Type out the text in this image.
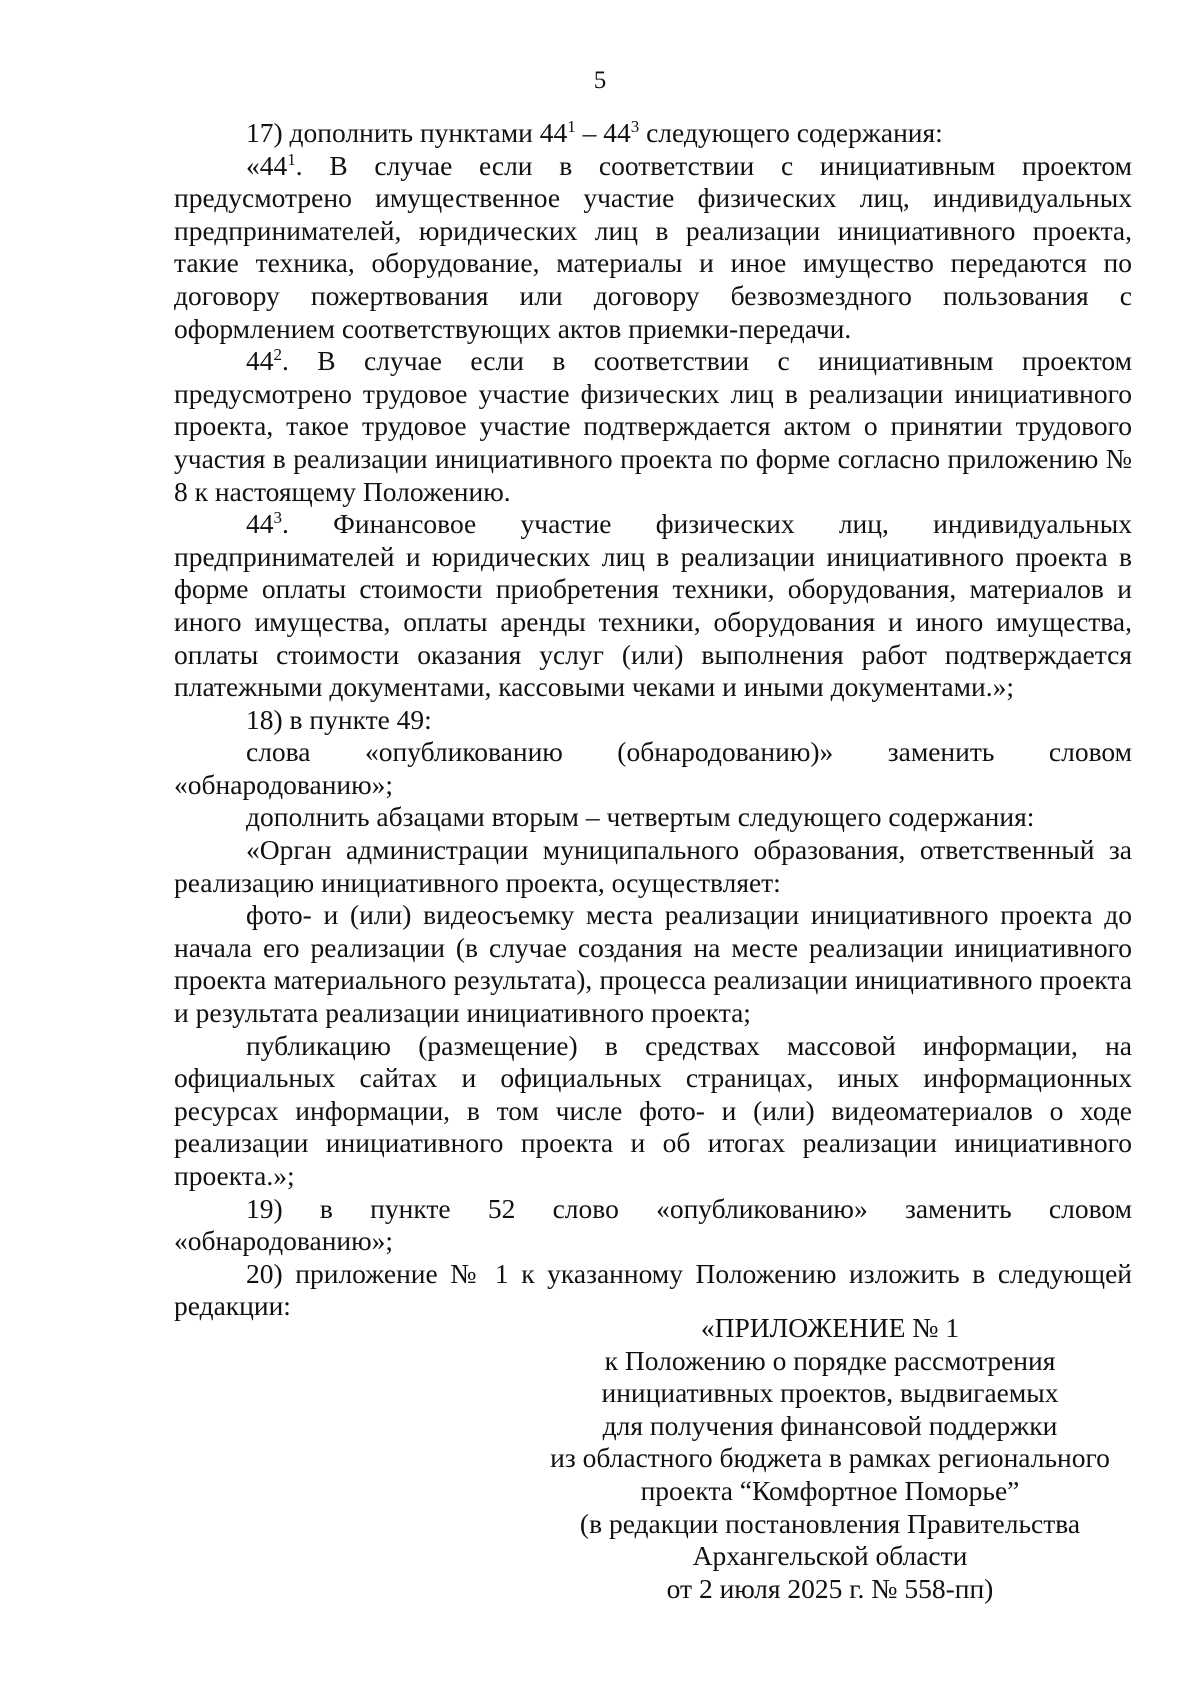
5

17) дополнить пунктами $44^1 - 44^3$ следующего содержания:

«$44^1$. В случае если в соответствии с инициативным проектом предусмотрено имущественное участие физических лиц, индивидуальных предпринимателей, юридических лиц в реализации инициативного проекта, такие техника, оборудование, материалы и иное имущество передаются по договору пожертвования или договору безвозмездного пользования с оформлением соответствующих актов приемки-передачи.

$44^2$. В случае если в соответствии с инициативным проектом предусмотрено трудовое участие физических лиц в реализации инициативного проекта, такое трудовое участие подтверждается актом о принятии трудового участия в реализации инициативного проекта по форме согласно приложению № 8 к настоящему Положению.

$44^3$. Финансовое участие физических лиц, индивидуальных предпринимателей и юридических лиц в реализации инициативного проекта в форме оплаты стоимости приобретения техники, оборудования, материалов и иного имущества, оплаты аренды техники, оборудования и иного имущества, оплаты стоимости оказания услуг (или) выполнения работ подтверждается платежными документами, кассовыми чеками и иными документами.»;

18) в пункте 49:

слова «опубликованию (обнародованию)» заменить словом «обнародованию»;

дополнить абзацами вторым – четвертым следующего содержания:

«Орган администрации муниципального образования, ответственный за реализацию инициативного проекта, осуществляет:

фото- и (или) видеосъемку места реализации инициативного проекта до начала его реализации (в случае создания на месте реализации инициативного проекта материального результата), процесса реализации инициативного проекта и результата реализации инициативного проекта;

публикацию (размещение) в средствах массовой информации, на официальных сайтах и официальных страницах, иных информационных ресурсах информации, в том числе фото- и (или) видеоматериалов о ходе реализации инициативного проекта и об итогах реализации инициативного проекта.»;

19) в пункте 52 слово «опубликованию» заменить словом «обнародованию»;

20) приложение № 1 к указанному Положению изложить в следующей редакции:

«ПРИЛОЖЕНИЕ № 1
к Положению о порядке рассмотрения
инициативных проектов, выдвигаемых
для получения финансовой поддержки
из областного бюджета в рамках регионального
проекта “Комфортное Поморье”
(в редакции постановления Правительства
Архангельской области
от 2 июля 2025 г. № 558-пп)
